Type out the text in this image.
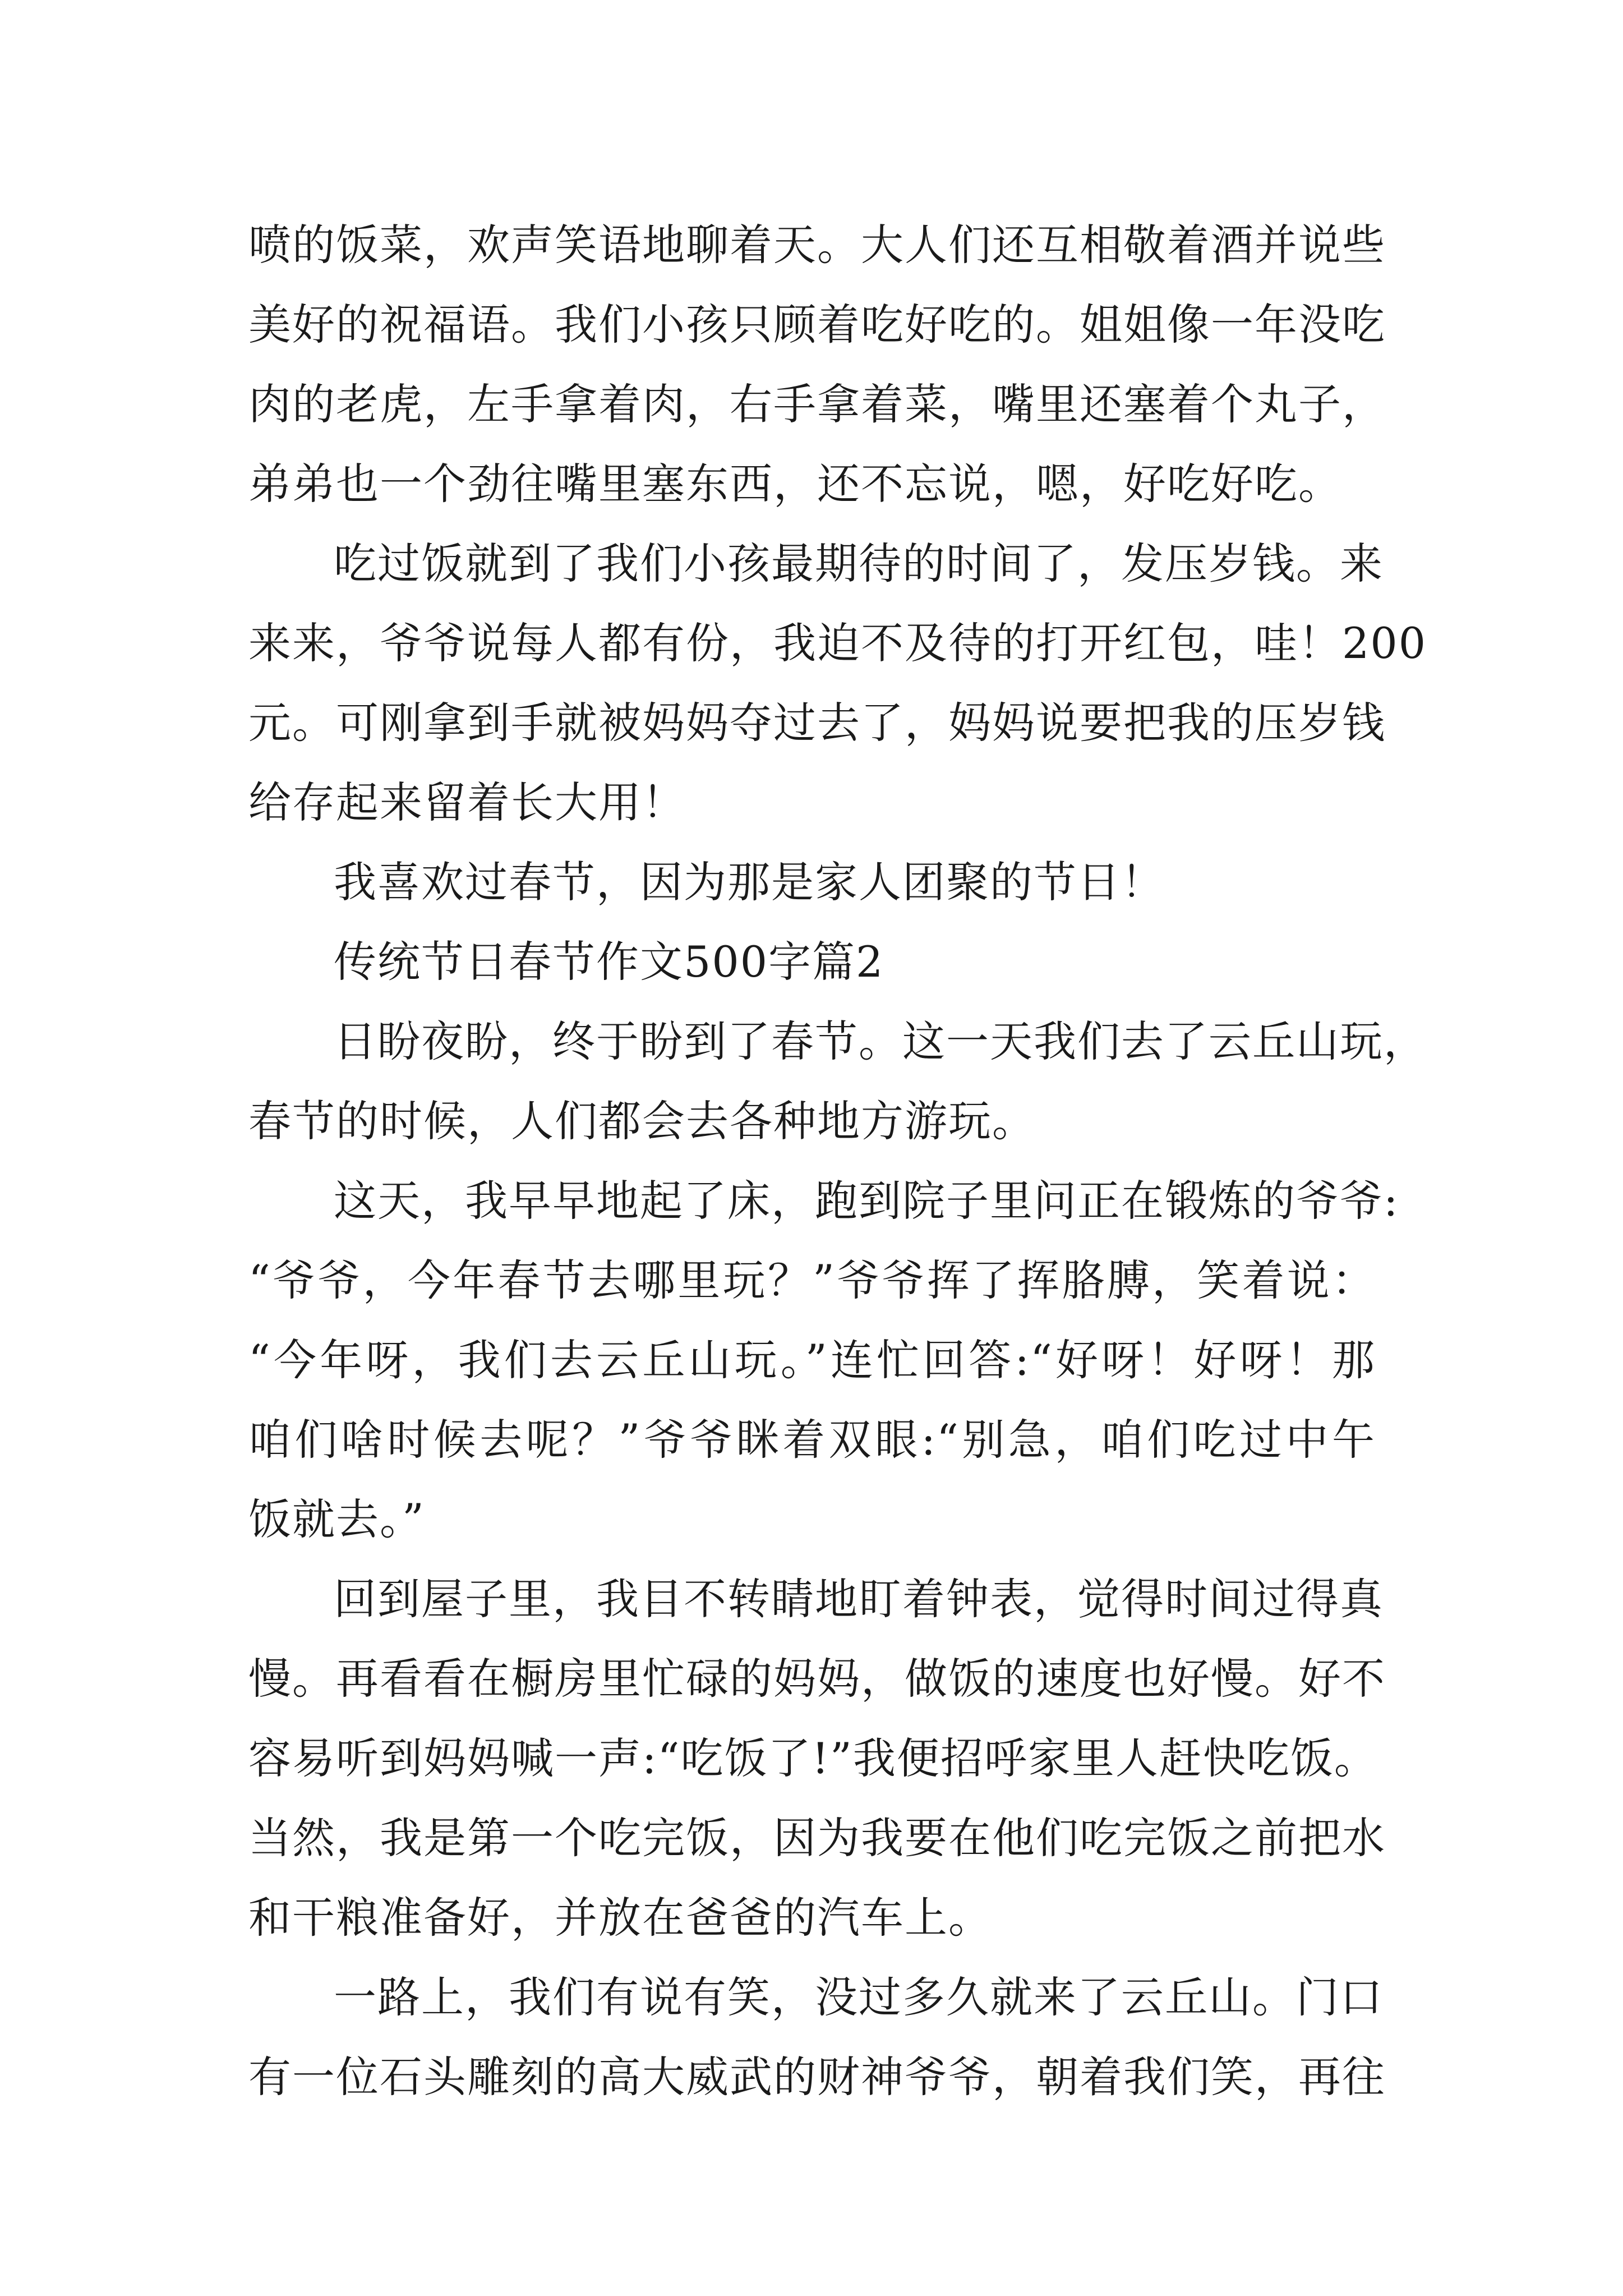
喷的饭菜，欢声笑语地聊着天。大人们还互相敬着酒并说些
美好的祝福语。我们小孩只顾着吃好吃的。姐姐像一年没吃
肉的老虎，左手拿着肉，右手拿着菜，嘴里还塞着个丸子，
弟弟也一个劲往嘴里塞东西，还不忘说，嗯，好吃好吃。
吃过饭就到了我们小孩最期待的时间了，发压岁钱。来
来来，爷爷说每人都有份，我迫不及待的打开红包，哇！200
元。可刚拿到手就被妈妈夺过去了，妈妈说要把我的压岁钱
给存起来留着长大用！
我喜欢过春节，因为那是家人团聚的节日！
传统节日春节作文500字篇2
日盼夜盼，终于盼到了春节。这一天我们去了云丘山玩，
春节的时候，人们都会去各种地方游玩。
这天，我早早地起了床，跑到院子里问正在锻炼的爷爷:
“爷爷，今年春节去哪里玩？”爷爷挥了挥胳膊，笑着说：
“今年呀，我们去云丘山玩。”连忙回答:“好呀！好呀！那
咱们啥时候去呢？”爷爷眯着双眼:“别急，咱们吃过中午
饭就去。”
回到屋子里，我目不转睛地盯着钟表，觉得时间过得真
慢。再看看在橱房里忙碌的妈妈，做饭的速度也好慢。好不
容易听到妈妈喊一声:“吃饭了!”我便招呼家里人赶快吃饭。
当然，我是第一个吃完饭，因为我要在他们吃完饭之前把水
和干粮准备好，并放在爸爸的汽车上。
一路上，我们有说有笑，没过多久就来了云丘山。门口
有一位石头雕刻的高大威武的财神爷爷，朝着我们笑，再往
